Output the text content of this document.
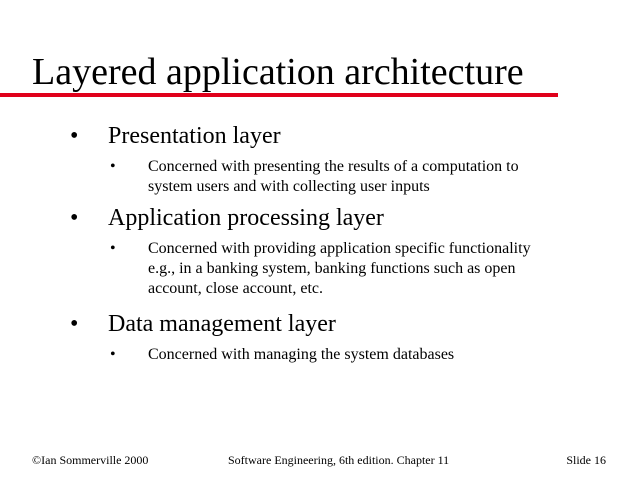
Layered application architecture
• Presentation layer
• Concerned with presenting the results of a computation to
system users and with collecting user inputs
• Application processing layer
• Concerned with providing application specific functionality
e.g., in a banking system, banking functions such as open
account, close account, etc.
• Data management layer
• Concerned with managing the system databases
©Ian Sommerville 2000	Software Engineering, 6th edition. Chapter 11	Slide 16
